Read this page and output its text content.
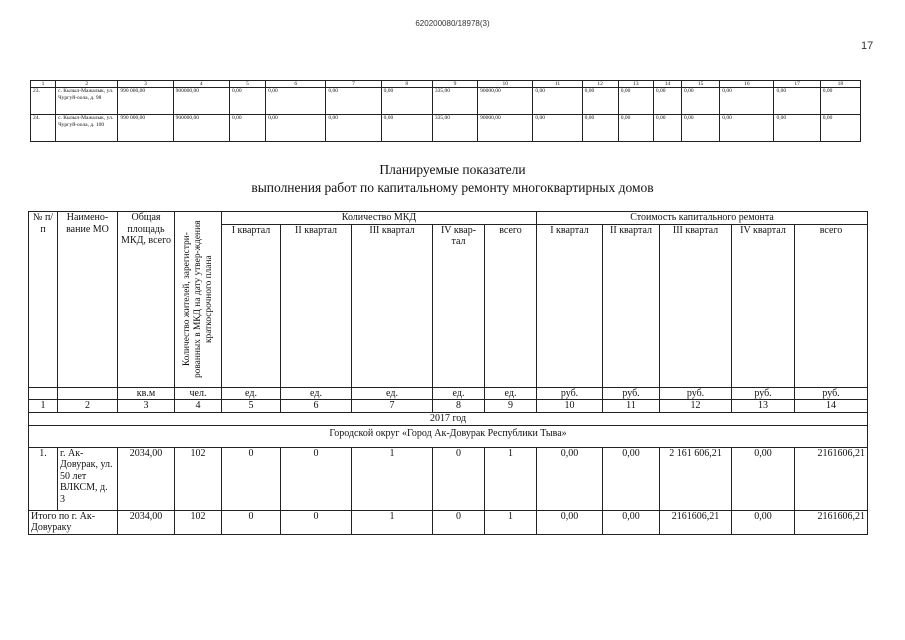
620200080/18978(3)
17
1	2	3	4	5	6	7	8	9	10	11	12	13	14	15	16	17	18
23.	с. Кызыл-Мажалык, ул. Чургуй-оола, д. 98	990 000,00	900000,00	0,00	0,00	0,00	0,00	335,00	90000,00	0,00	0,00	0,00	0,00	0,00	0,00	0,00	0,00
24.	с. Кызыл-Мажалык, ул. Чургуй-оола, д. 100	990 000,00	900000,00	0,00	0,00	0,00	0,00	335,00	90000,00	0,00	0,00	0,00	0,00	0,00	0,00	0,00	0,00
Планируемые показатели
выполнения работ по капитальному ремонту многоквартирных домов
№ п/п	Наимено-вание МО	Общая площадь МКД, всего	Количество жителей, зарегистри-рованных в МКД на дату утвер-ждения краткосрочного плана	Количество МКД					Стоимость капитального ремонта				
				I квартал	II квартал	III квартал	IV квар-тал	всего	I квартал	II квартал	III квартал	IV квартал	всего
		кв.м	чел.	ед.	ед.	ед.	ед.	ед.	руб.	руб.	руб.	руб.	руб.
1	2	3	4	5	6	7	8	9	10	11	12	13	14
2017 год													
Городской округ «Город Ак-Довурак Республики Тыва»													
1.	г. Ак-Довурак, ул. 50 лет ВЛКСМ, д. 3	2034,00	102	0	0	1	0	1	0,00	0,00	2 161 606,21	0,00	2161606,21
Итого по г. Ак-Довураку		2034,00	102	0	0	1	0	1	0,00	0,00	2161606,21	0,00	2161606,21
